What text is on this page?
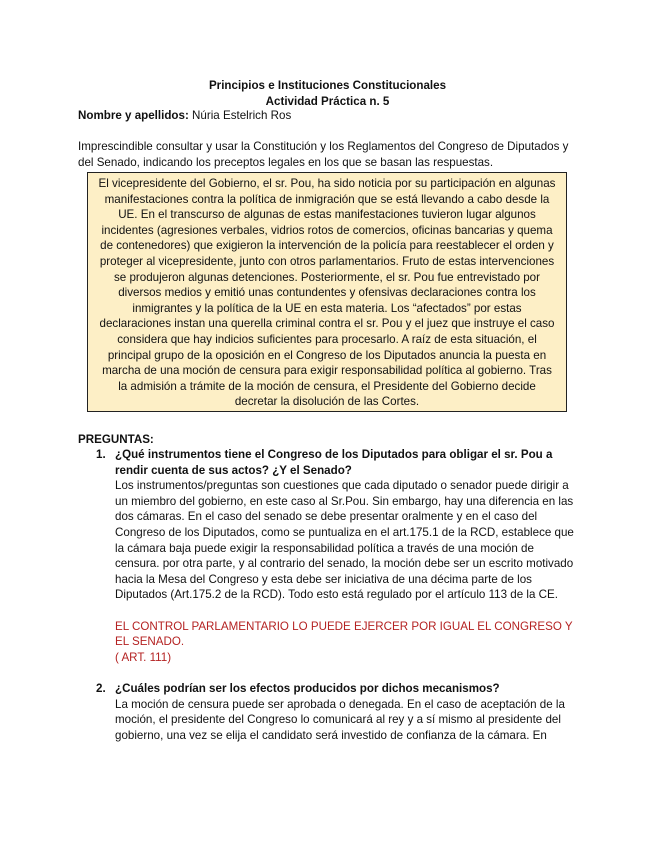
Principios e Instituciones Constitucionales
Actividad Práctica n. 5
Nombre y apellidos: Núria Estelrich Ros
Imprescindible consultar y usar la Constitución y los Reglamentos del Congreso de Diputados y del Senado, indicando los preceptos legales en los que se basan las respuestas.
El vicepresidente del Gobierno, el sr. Pou, ha sido noticia por su participación en algunas manifestaciones contra la política de inmigración que se está llevando a cabo desde la UE. En el transcurso de algunas de estas manifestaciones tuvieron lugar algunos incidentes (agresiones verbales, vidrios rotos de comercios, oficinas bancarias y quema de contenedores) que exigieron la intervención de la policía para reestablecer el orden y proteger al vicepresidente, junto con otros parlamentarios. Fruto de estas intervenciones se produjeron algunas detenciones. Posteriormente, el sr. Pou fue entrevistado por diversos medios y emitió unas contundentes y ofensivas declaraciones contra los inmigrantes y la política de la UE en esta materia. Los “afectados” por estas declaraciones instan una querella criminal contra el sr. Pou y el juez que instruye el caso considera que hay indicios suficientes para procesarlo. A raíz de esta situación, el principal grupo de la oposición en el Congreso de los Diputados anuncia la puesta en marcha de una moción de censura para exigir responsabilidad política al gobierno. Tras la admisión a trámite de la moción de censura, el Presidente del Gobierno decide decretar la disolución de las Cortes.
PREGUNTAS:
1. ¿Qué instrumentos tiene el Congreso de los Diputados para obligar el sr. Pou a rendir cuenta de sus actos? ¿Y el Senado?
Los instrumentos/preguntas son cuestiones que cada diputado o senador puede dirigir a un miembro del gobierno, en este caso al Sr.Pou. Sin embargo, hay una diferencia en las dos cámaras. En el caso del senado se debe presentar oralmente y en el caso del Congreso de los Diputados, como se puntualiza en el art.175.1 de la RCD, establece que la cámara baja puede exigir la responsabilidad política a través de una moción de censura. por otra parte, y al contrario del senado, la moción debe ser un escrito motivado hacia la Mesa del Congreso y esta debe ser iniciativa de una décima parte de los Diputados (Art.175.2 de la RCD). Todo esto está regulado por el artículo 113 de la CE.
EL CONTROL PARLAMENTARIO LO PUEDE EJERCER POR IGUAL EL CONGRESO Y EL SENADO.
( ART. 111)
2. ¿Cuáles podrían ser los efectos producidos por dichos mecanismos?
La moción de censura puede ser aprobada o denegada. En el caso de aceptación de la moción, el presidente del Congreso lo comunicará al rey y a sí mismo al presidente del gobierno, una vez se elija el candidato será investido de confianza de la cámara. En
